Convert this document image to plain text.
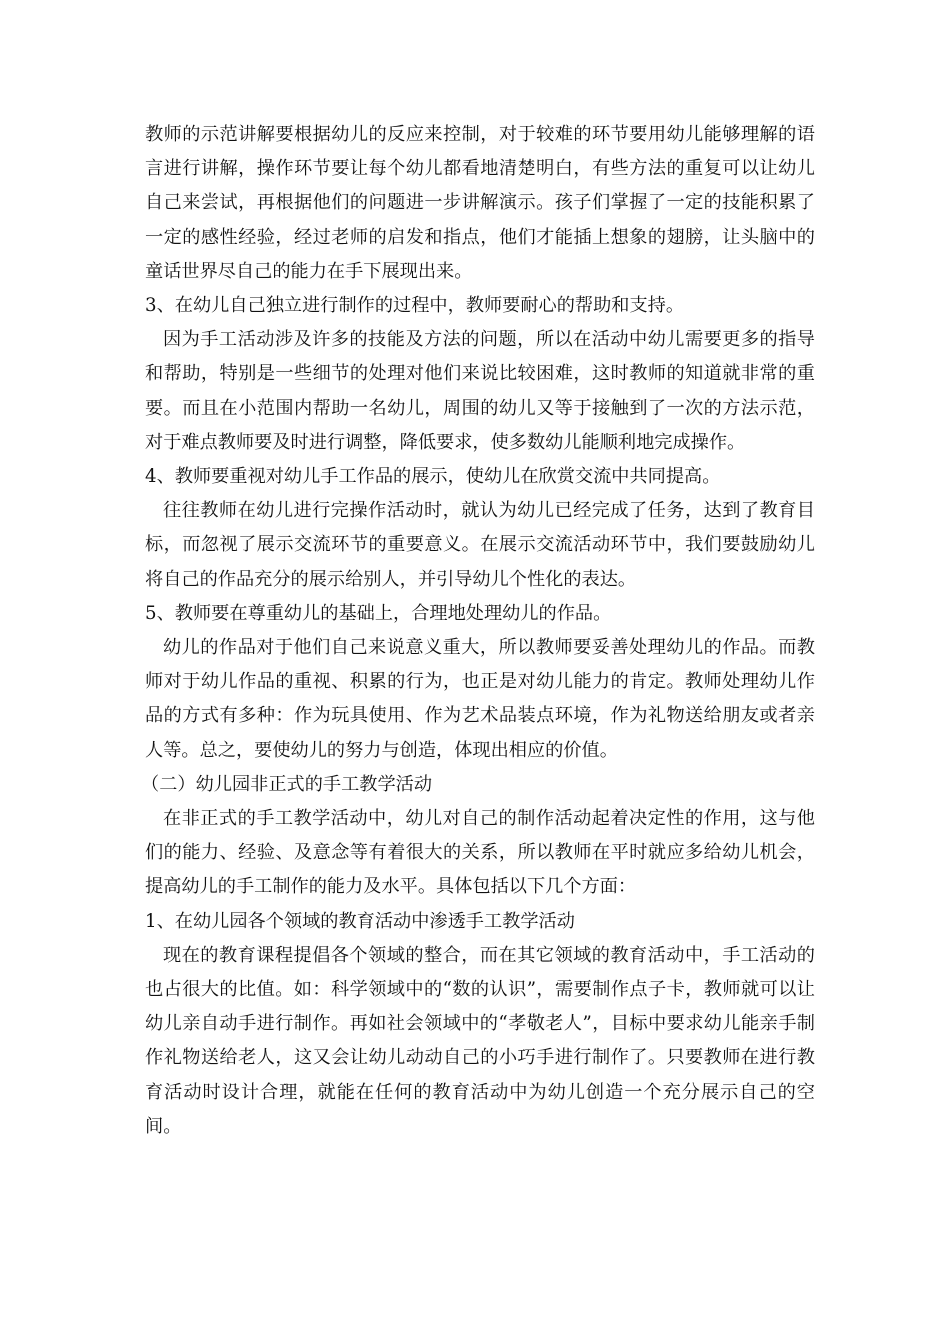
教师的示范讲解要根据幼儿的反应来控制，对于较难的环节要用幼儿能够理解的语言进行讲解，操作环节要让每个幼儿都看地清楚明白，有些方法的重复可以让幼儿自己来尝试，再根据他们的问题进一步讲解演示。孩子们掌握了一定的技能积累了一定的感性经验，经过老师的启发和指点，他们才能插上想象的翅膀，让头脑中的童话世界尽自己的能力在手下展现出来。

3、在幼儿自己独立进行制作的过程中，教师要耐心的帮助和支持。

因为手工活动涉及许多的技能及方法的问题，所以在活动中幼儿需要更多的指导和帮助，特别是一些细节的处理对他们来说比较困难，这时教师的知道就非常的重要。而且在小范围内帮助一名幼儿，周围的幼儿又等于接触到了一次的方法示范，对于难点教师要及时进行调整，降低要求，使多数幼儿能顺利地完成操作。

4、教师要重视对幼儿手工作品的展示，使幼儿在欣赏交流中共同提高。

往往教师在幼儿进行完操作活动时，就认为幼儿已经完成了任务，达到了教育目标，而忽视了展示交流环节的重要意义。在展示交流活动环节中，我们要鼓励幼儿将自己的作品充分的展示给别人，并引导幼儿个性化的表达。

5、教师要在尊重幼儿的基础上，合理地处理幼儿的作品。

幼儿的作品对于他们自己来说意义重大，所以教师要妥善处理幼儿的作品。而教师对于幼儿作品的重视、积累的行为，也正是对幼儿能力的肯定。教师处理幼儿作品的方式有多种：作为玩具使用、作为艺术品装点环境，作为礼物送给朋友或者亲人等。总之，要使幼儿的努力与创造，体现出相应的价值。

（二）幼儿园非正式的手工教学活动

在非正式的手工教学活动中，幼儿对自己的制作活动起着决定性的作用，这与他们的能力、经验、及意念等有着很大的关系，所以教师在平时就应多给幼儿机会，提高幼儿的手工制作的能力及水平。具体包括以下几个方面：

1、在幼儿园各个领域的教育活动中渗透手工教学活动

现在的教育课程提倡各个领域的整合，而在其它领域的教育活动中，手工活动的也占很大的比值。如：科学领域中的“数的认识”，需要制作点子卡，教师就可以让幼儿亲自动手进行制作。再如社会领域中的“孝敬老人”，目标中要求幼儿能亲手制作礼物送给老人，这又会让幼儿动动自己的小巧手进行制作了。只要教师在进行教育活动时设计合理，就能在任何的教育活动中为幼儿创造一个充分展示自己的空间。
